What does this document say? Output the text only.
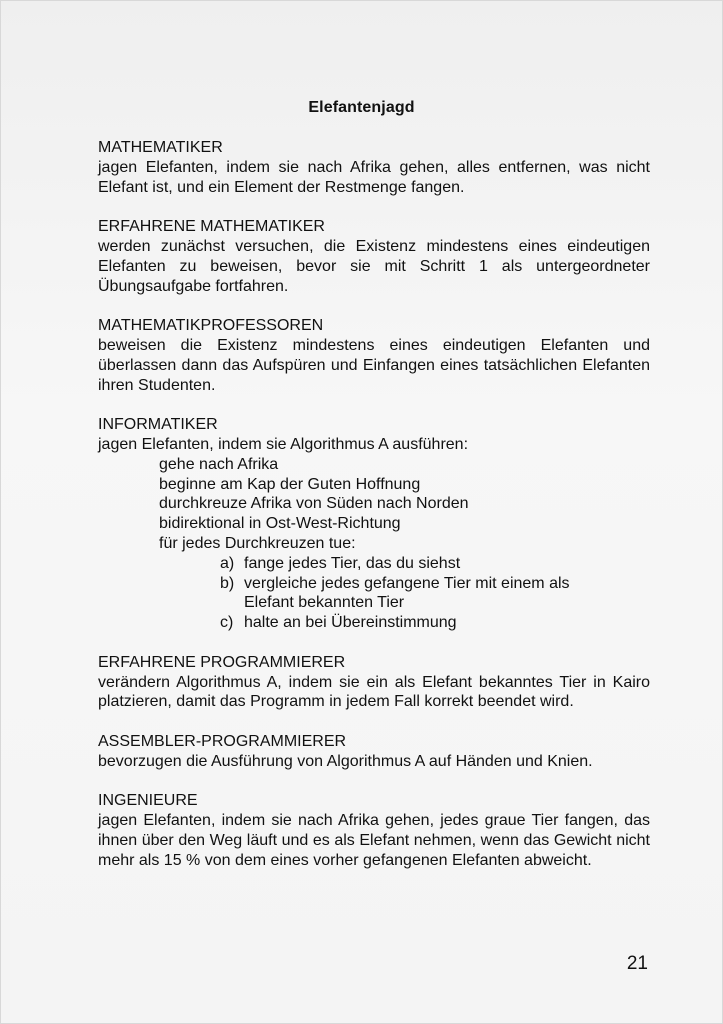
Elefantenjagd
MATHEMATIKER
jagen Elefanten, indem sie nach Afrika gehen, alles entfernen, was nicht Elefant ist, und ein Element der Restmenge fangen.
ERFAHRENE MATHEMATIKER
werden zunächst versuchen, die Existenz mindestens eines eindeutigen Elefanten zu beweisen, bevor sie mit Schritt 1 als untergeordneter Übungsaufgabe fortfahren.
MATHEMATIKPROFESSOREN
beweisen die Existenz mindestens eines eindeutigen Elefanten und überlassen dann das Aufspüren und Einfangen eines tatsächlichen Elefanten ihren Studenten.
INFORMATIKER
jagen Elefanten, indem sie Algorithmus A ausführen:
gehe nach Afrika
beginne am Kap der Guten Hoffnung
durchkreuze Afrika von Süden nach Norden
bidirektional in Ost-West-Richtung
für jedes Durchkreuzen tue:
a) fange jedes Tier, das du siehst
b) vergleiche jedes gefangene Tier mit einem als Elefant bekannten Tier
c) halte an bei Übereinstimmung
ERFAHRENE PROGRAMMIERER
verändern Algorithmus A, indem sie ein als Elefant bekanntes Tier in Kairo platzieren, damit das Programm in jedem Fall korrekt beendet wird.
ASSEMBLER-PROGRAMMIERER
bevorzugen die Ausführung von Algorithmus A auf Händen und Knien.
INGENIEURE
jagen Elefanten, indem sie nach Afrika gehen, jedes graue Tier fangen, das ihnen über den Weg läuft und es als Elefant nehmen, wenn das Gewicht nicht mehr als 15 % von dem eines vorher gefangenen Elefanten abweicht.
21
